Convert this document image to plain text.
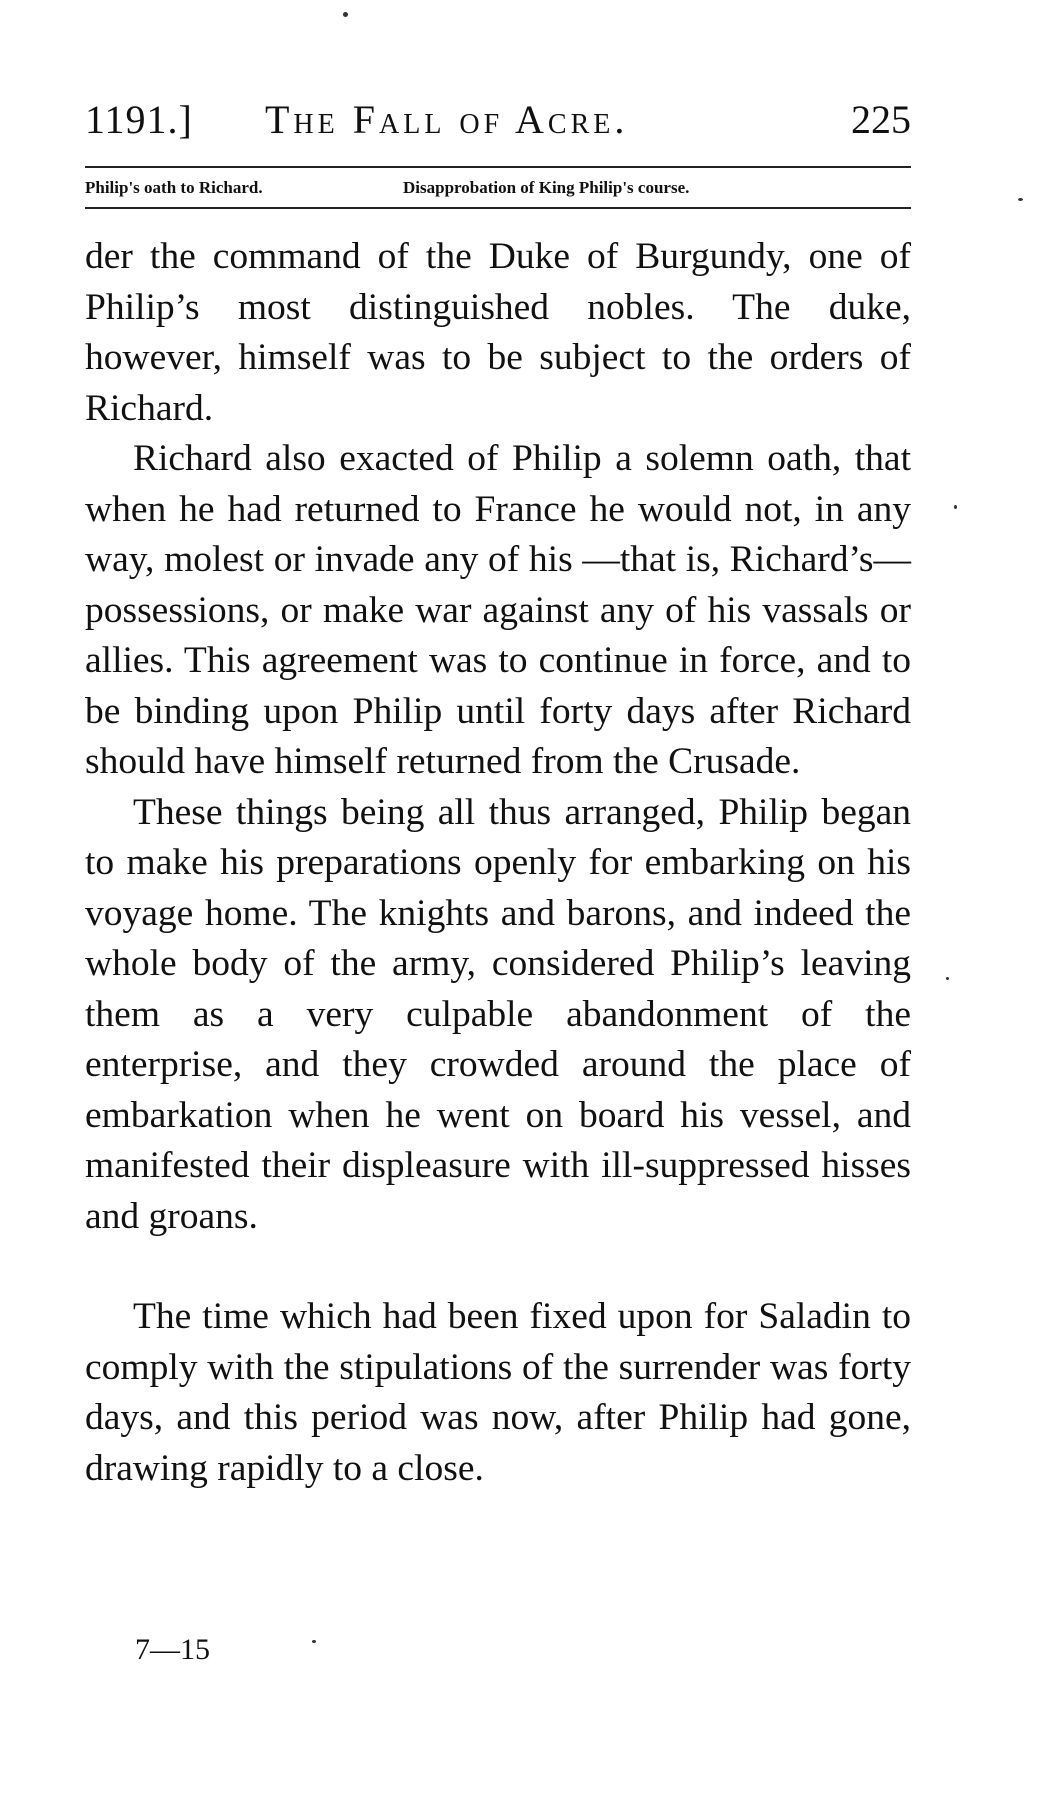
1191.] The Fall of Acre.	225
Philip's oath to Richard.	Disapprobation of King Philip's course.

der the command of the Duke of Burgundy, one of Philip’s most distinguished nobles. The duke, however, himself was to be subject to the orders of Richard.

Richard also exacted of Philip a solemn oath, that when he had returned to France he would not, in any way, molest or invade any of his —that is, Richard’s—possessions, or make war against any of his vassals or allies. This agreement was to continue in force, and to be binding upon Philip until forty days after Richard should have himself returned from the Crusade.

These things being all thus arranged, Philip began to make his preparations openly for embarking on his voyage home. The knights and barons, and indeed the whole body of the army, considered Philip’s leaving them as a very culpable abandonment of the enterprise, and they crowded around the place of embarkation when he went on board his vessel, and manifested their displeasure with ill-suppressed hisses and groans.

The time which had been fixed upon for Saladin to comply with the stipulations of the surrender was forty days, and this period was now, after Philip had gone, drawing rapidly to a close.

7—15
